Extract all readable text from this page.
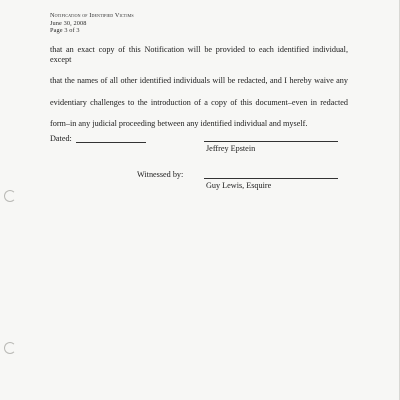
Notification of Identified Victims
June 30, 2008
Page 3 of 3
that an exact copy of this Notification will be provided to each identified individual, except
that the names of all other identified individuals will be redacted, and I hereby waive any
evidentiary challenges to the introduction of a copy of this document–even in redacted
form–in any judicial proceeding between any identified individual and myself.
Dated:
Jeffrey Epstein
Witnessed by:
Guy Lewis, Esquire
